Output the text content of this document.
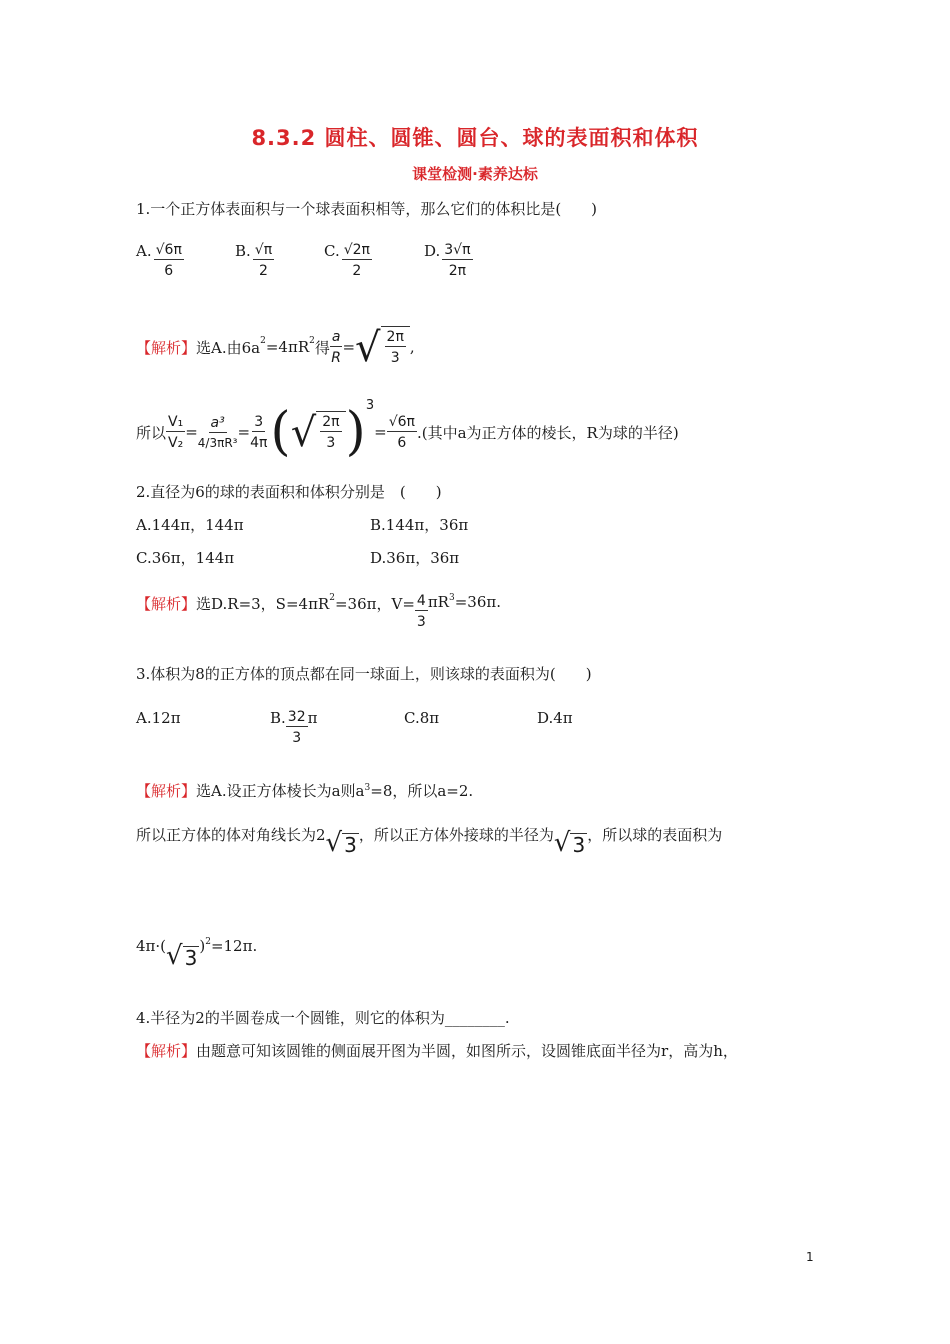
8.3.2 圆柱、圆锥、圆台、球的表面积和体积
课堂检测·素养达标
1.一个正方体表面积与一个球表面积相等，那么它们的体积比是(　　)
A. $\frac{√6\pi}{6}$	B. $\frac{√\pi}{2}$	C. $\frac{√2\pi}{2}$	D. $\frac{3√\pi}{2\pi}$
【解析】 选A.由$6a^2 =4\pi R^2$ 得 $\frac{a}{R}$ = √ $\frac{2\pi}{3}$ ,
所以 $\frac{\text{V₁}}{\text{V₂}} = \frac{\text{a³}}{\text{4/3πR³}} = \frac{3}{4\pi}$ ( √ $\frac{2\pi}{3}$ ) 3
= $\frac{√6\pi}{6}$ .(其中a为正方体的棱长，R为球的半径)
2.直径为6的球的表面积和体积分别是　(　　)
A.144π，144π	B.144π，36π
C.36π，144π	D.36π，36π
【解析】 选D.R=3，$S=4\pi R^2 =36\pi$，$V= \frac{4}{3} \pi R^3 =36\pi$.
3.体积为8的正方体的顶点都在同一球面上，则该球的表面积为(　　)
A.12π	B. $\frac{32}{3}$ π	C.8π	D.4π
【解析】选A.设正方体棱长为a则$a^3=8$，所以a=2.
所以正方体的体对角线长为2 √ 3 ，所以正方体外接球的半径为 √ 3 ，所以球的表面积为
4π·( √ 3 )$^2$ =12π.
4.半径为2的半圆卷成一个圆锥，则它的体积为________.
【解析】由题意可知该圆锥的侧面展开图为半圆，如图所示，设圆锥底面半径为r，高为h，
1
